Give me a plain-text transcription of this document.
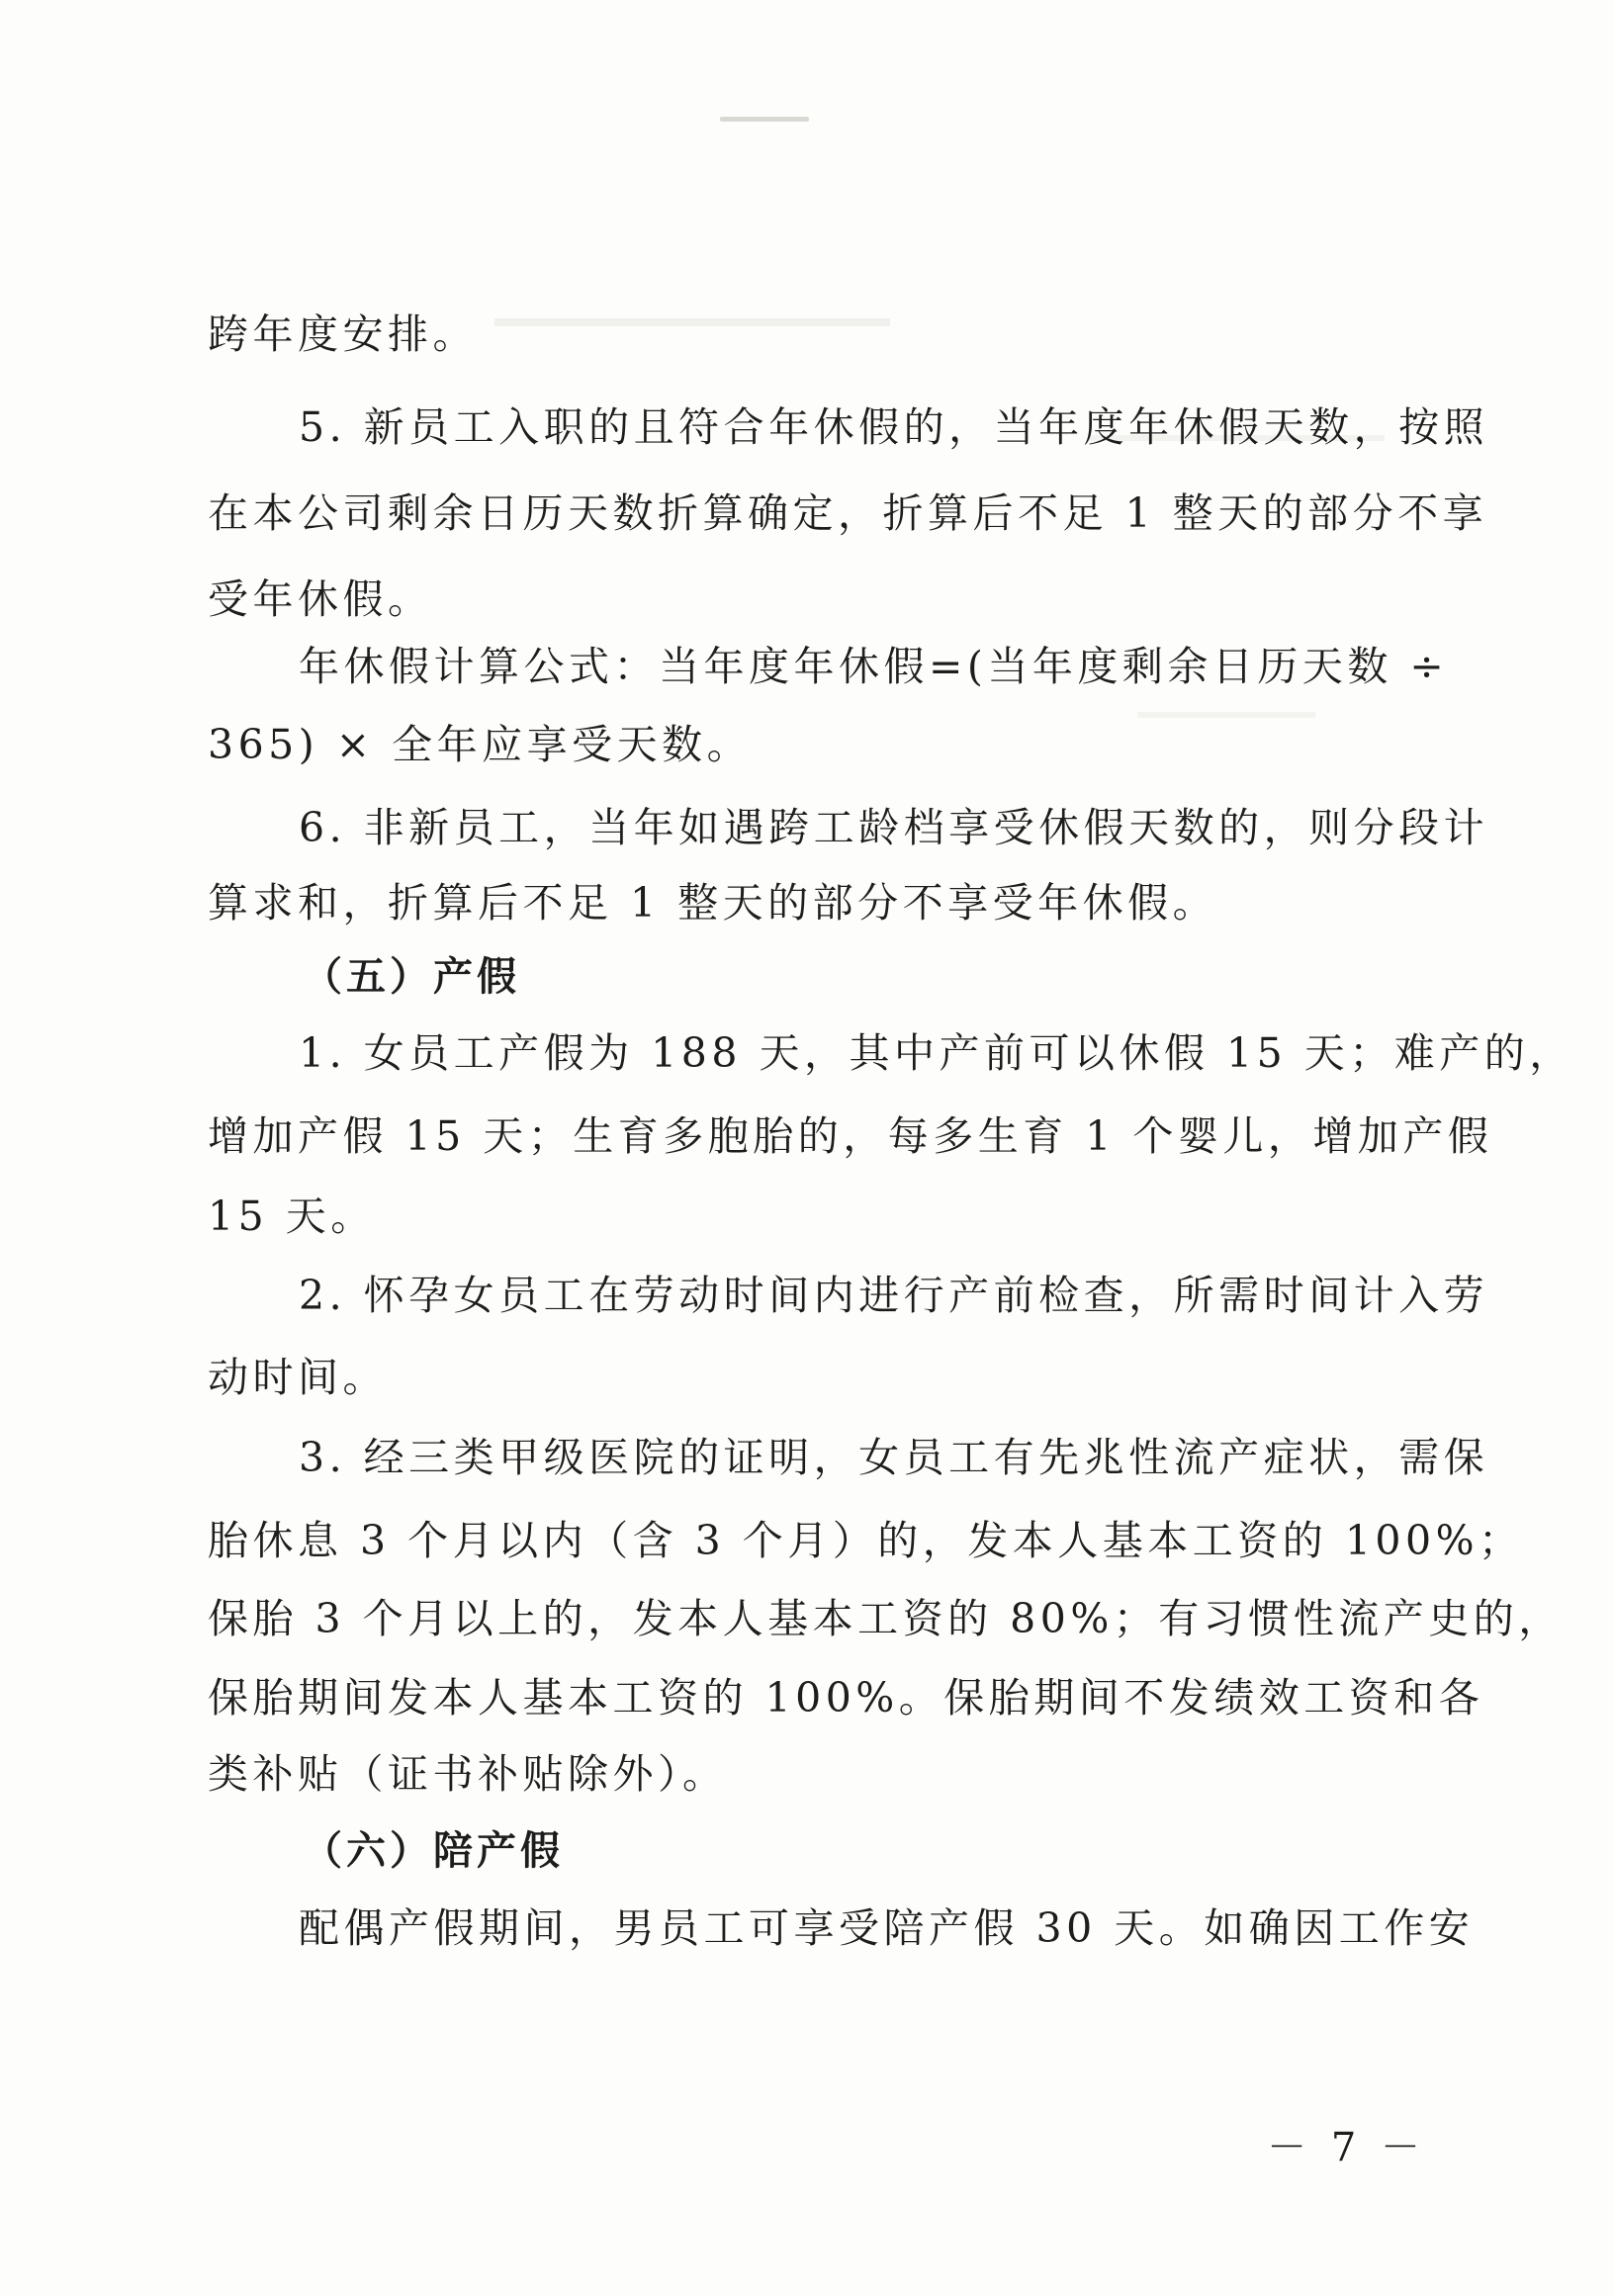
跨年度安排。
5. 新员工入职的且符合年休假的，当年度年休假天数，按照
在本公司剩余日历天数折算确定，折算后不足 1 整天的部分不享
受年休假。
年休假计算公式：当年度年休假=(当年度剩余日历天数 ÷
365) × 全年应享受天数。
6. 非新员工，当年如遇跨工龄档享受休假天数的，则分段计
算求和，折算后不足 1 整天的部分不享受年休假。
（五）产假
1. 女员工产假为 188 天，其中产前可以休假 15 天；难产的，
增加产假 15 天；生育多胞胎的，每多生育 1 个婴儿，增加产假
15 天。
2. 怀孕女员工在劳动时间内进行产前检查，所需时间计入劳
动时间。
3. 经三类甲级医院的证明，女员工有先兆性流产症状，需保
胎休息 3 个月以内（含 3 个月）的，发本人基本工资的 100%；
保胎 3 个月以上的，发本人基本工资的 80%；有习惯性流产史的，
保胎期间发本人基本工资的 100%。保胎期间不发绩效工资和各
类补贴（证书补贴除外）。
（六）陪产假
配偶产假期间，男员工可享受陪产假 30 天。如确因工作安
－ 7 －
